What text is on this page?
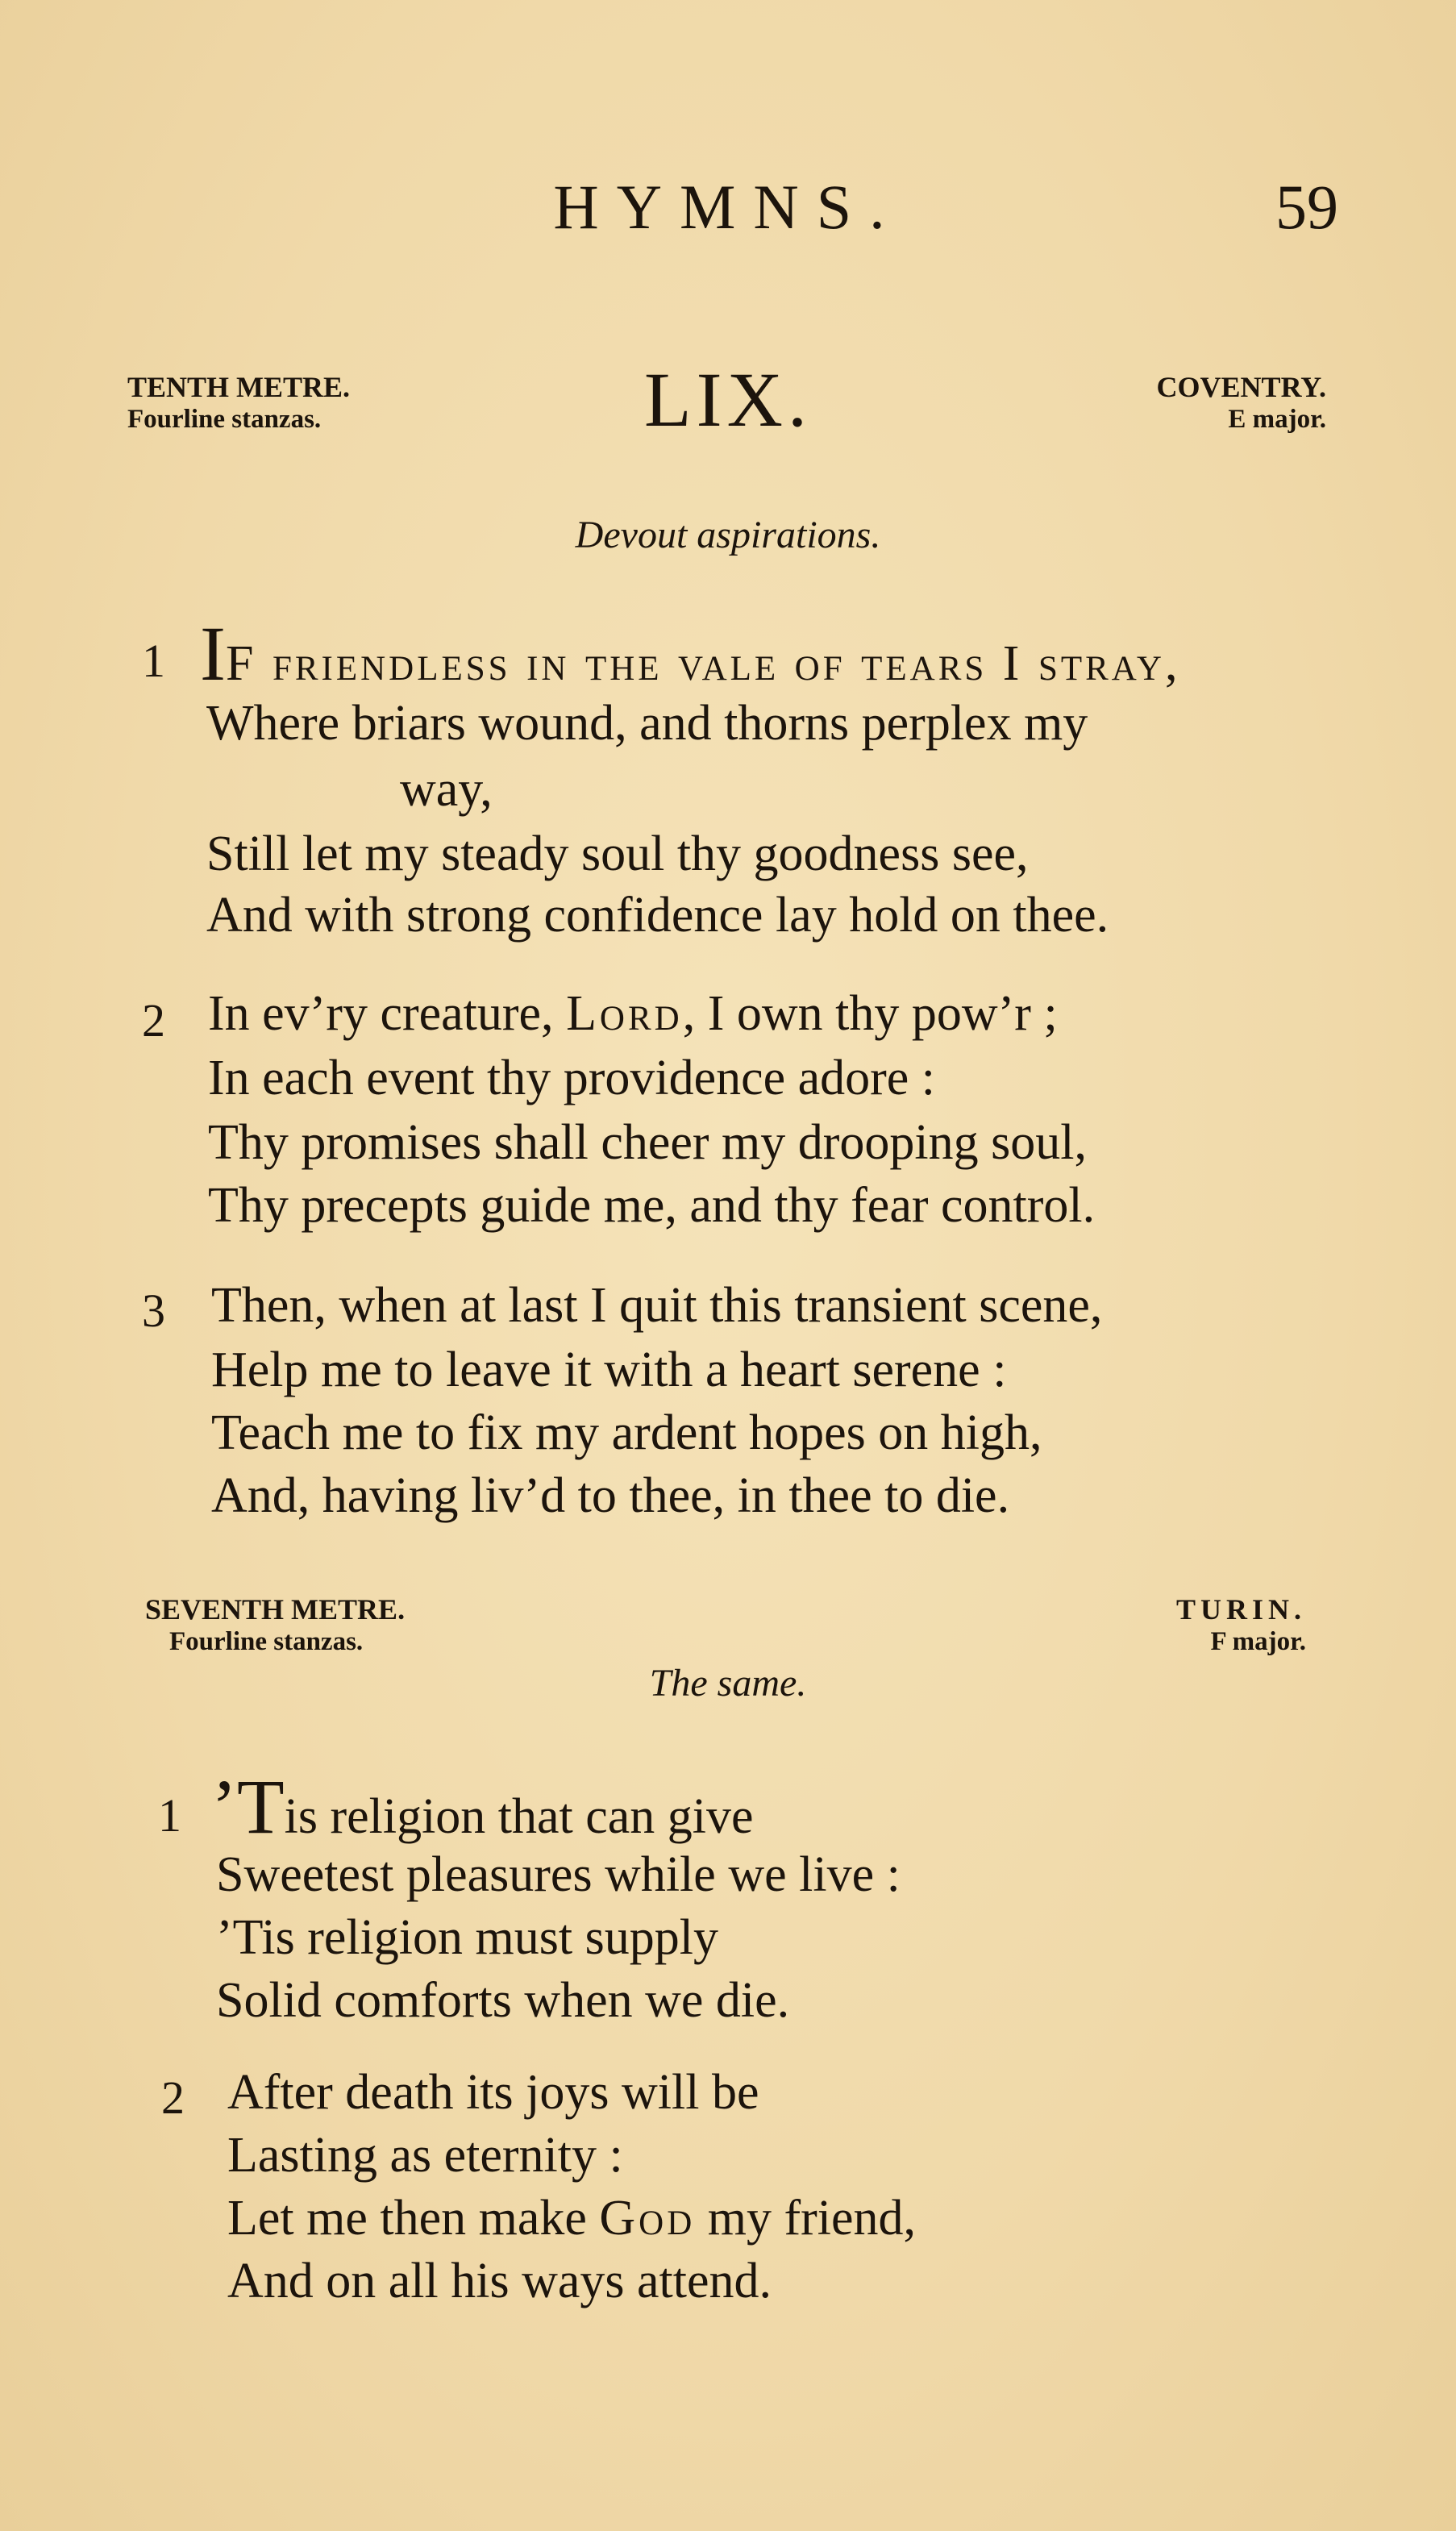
HYMNS.	59
TENTH METRE.
Fourline stanzas.	LIX.	COVENTRY.
E major.
Devout aspirations.
1 IF friendless in the vale of tears I stray,
Where briars wound, and thorns perplex my
way,
Still let my steady soul thy goodness see,
And with strong confidence lay hold on thee.
2 In ev’ry creature, Lord, I own thy pow’r ;
In each event thy providence adore :
Thy promises shall cheer my drooping soul,
Thy precepts guide me, and thy fear control.
3 Then, when at last I quit this transient scene,
Help me to leave it with a heart serene :
Teach me to fix my ardent hopes on high,
And, having liv’d to thee, in thee to die.
SEVENTH METRE.
Fourline stanzas.
TURIN.
F major.
The same.
1 ’Tis religion that can give
Sweetest pleasures while we live :
’Tis religion must supply
Solid comforts when we die.
2 After death its joys will be
Lasting as eternity :
Let me then make God my friend,
And on all his ways attend.
